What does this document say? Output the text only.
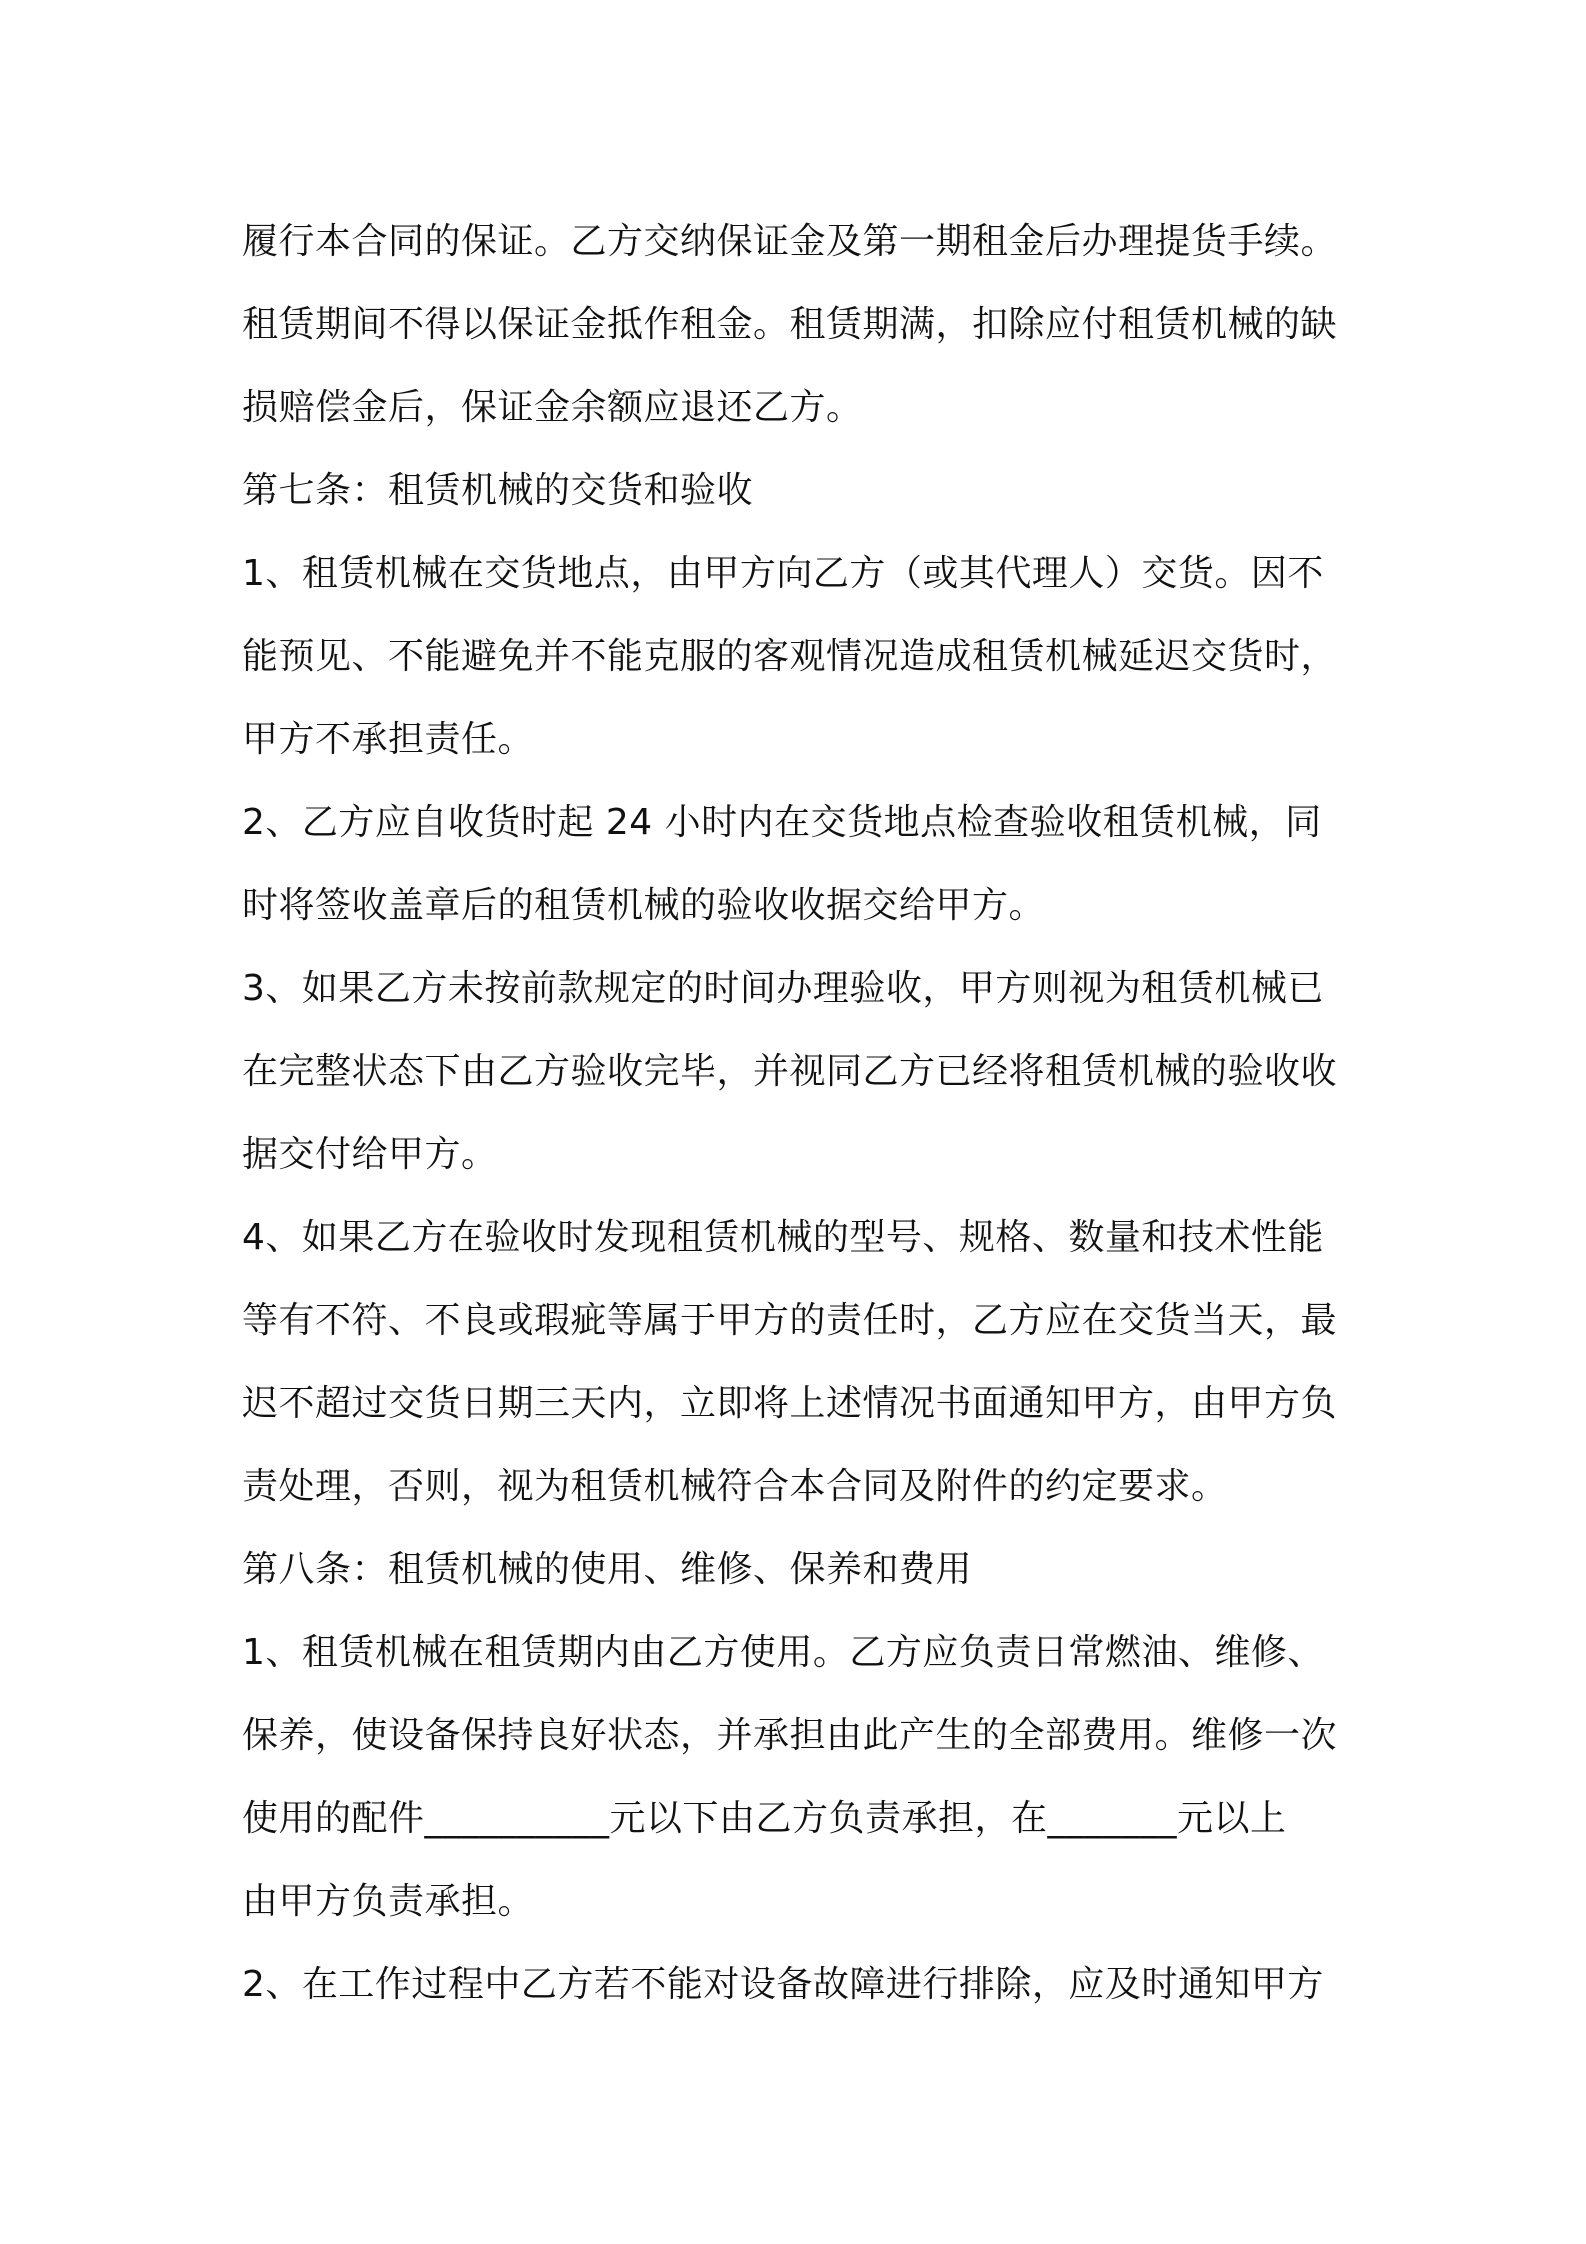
履行本合同的保证。乙方交纳保证金及第一期租金后办理提货手续。
租赁期间不得以保证金抵作租金。租赁期满，扣除应付租赁机械的缺
损赔偿金后，保证金余额应退还乙方。
第七条：租赁机械的交货和验收
1、租赁机械在交货地点，由甲方向乙方（或其代理人）交货。因不
能预见、不能避免并不能克服的客观情况造成租赁机械延迟交货时，
甲方不承担责任。
2、乙方应自收货时起 24 小时内在交货地点检查验收租赁机械，同
时将签收盖章后的租赁机械的验收收据交给甲方。
3、如果乙方未按前款规定的时间办理验收，甲方则视为租赁机械已
在完整状态下由乙方验收完毕，并视同乙方已经将租赁机械的验收收
据交付给甲方。
4、如果乙方在验收时发现租赁机械的型号、规格、数量和技术性能
等有不符、不良或瑕疵等属于甲方的责任时，乙方应在交货当天，最
迟不超过交货日期三天内，立即将上述情况书面通知甲方，由甲方负
责处理，否则，视为租赁机械符合本合同及附件的约定要求。
第八条：租赁机械的使用、维修、保养和费用
1、租赁机械在租赁期内由乙方使用。乙方应负责日常燃油、维修、
保养，使设备保持良好状态，并承担由此产生的全部费用。维修一次
使用的配件__________元以下由乙方负责承担，在_______元以上
由甲方负责承担。
2、在工作过程中乙方若不能对设备故障进行排除，应及时通知甲方
